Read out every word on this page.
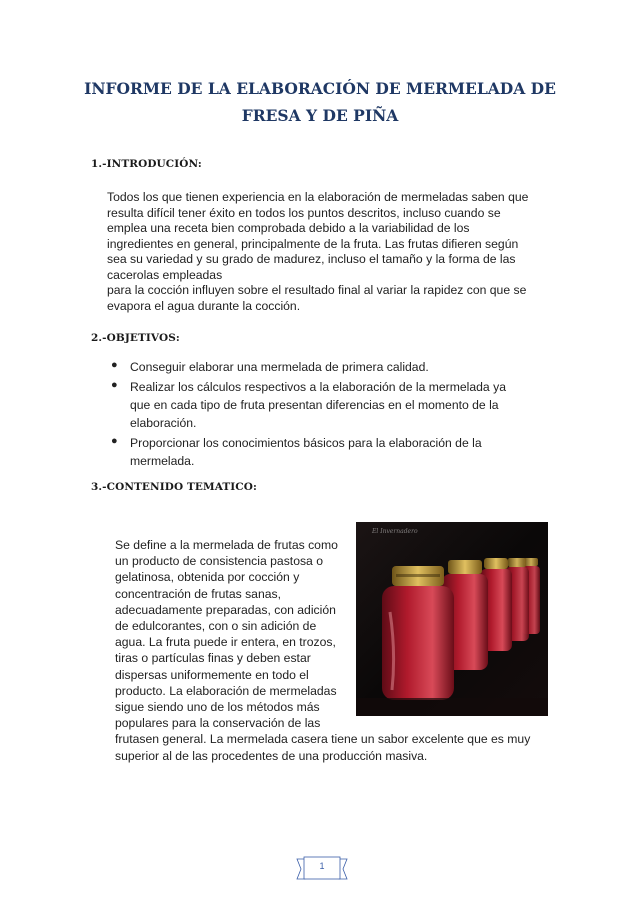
INFORME DE LA ELABORACIÓN DE MERMELADA DE
FRESA Y DE PIÑA
1.-INTRODUCIÓN:
Todos los que tienen experiencia en la elaboración de mermeladas saben que
resulta difícil tener éxito en todos los puntos descritos, incluso cuando se
emplea una receta bien comprobada debido a la variabilidad de los
ingredientes en general, principalmente de la fruta. Las frutas difieren según
sea su variedad y su grado de madurez, incluso el tamaño y la forma de las
cacerolas empleadas
para la cocción influyen sobre el resultado final al variar la rapidez con que se
evapora el agua durante la cocción.
2.-OBJETIVOS:
● Conseguir elaborar una mermelada de primera calidad.
● Realizar los cálculos respectivos a la elaboración de la mermelada ya
que en cada tipo de fruta presentan diferencias en el momento de la
elaboración.
● Proporcionar los conocimientos básicos para la elaboración de la
mermelada.
3.-CONTENIDO TEMATICO:
Se define a la mermelada de frutas como
un producto de consistencia pastosa o
gelatinosa, obtenida por cocción y
concentración de frutas sanas,
adecuadamente preparadas, con adición
de edulcorantes, con o sin adición de
agua. La fruta puede ir entera, en trozos,
tiras o partículas finas y deben estar
dispersas uniformemente en todo el
producto. La elaboración de mermeladas
sigue siendo uno de los métodos más
populares para la conservación de las
frutasen general. La mermelada casera tiene un sabor excelente que es muy
superior al de las procedentes de una producción masiva.
El Invernadero
1
